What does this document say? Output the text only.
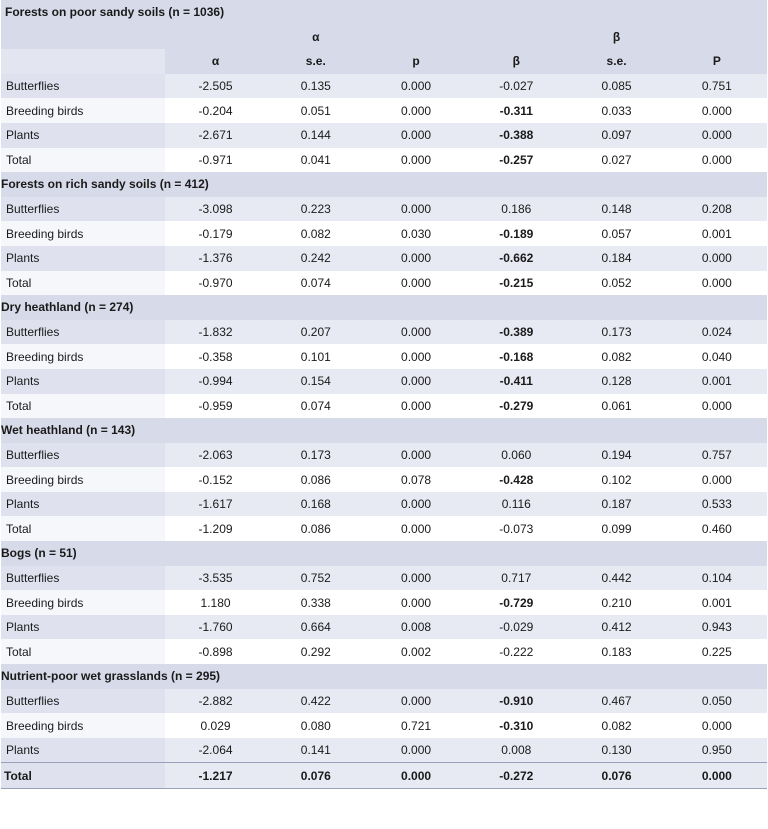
Forests on poor sandy soils (n = 1036)						
	α			β		
	α	s.e.	p	β	s.e.	P
Butterflies	-2.505	0.135	0.000	-0.027	0.085	0.751
Breeding birds	-0.204	0.051	0.000	-0.311	0.033	0.000
Plants	-2.671	0.144	0.000	-0.388	0.097	0.000
Total	-0.971	0.041	0.000	-0.257	0.027	0.000
Forests on rich sandy soils (n = 412)						
Butterflies	-3.098	0.223	0.000	0.186	0.148	0.208
Breeding birds	-0.179	0.082	0.030	-0.189	0.057	0.001
Plants	-1.376	0.242	0.000	-0.662	0.184	0.000
Total	-0.970	0.074	0.000	-0.215	0.052	0.000
Dry heathland (n = 274)						
Butterflies	-1.832	0.207	0.000	-0.389	0.173	0.024
Breeding birds	-0.358	0.101	0.000	-0.168	0.082	0.040
Plants	-0.994	0.154	0.000	-0.411	0.128	0.001
Total	-0.959	0.074	0.000	-0.279	0.061	0.000
Wet heathland (n = 143)						
Butterflies	-2.063	0.173	0.000	0.060	0.194	0.757
Breeding birds	-0.152	0.086	0.078	-0.428	0.102	0.000
Plants	-1.617	0.168	0.000	0.116	0.187	0.533
Total	-1.209	0.086	0.000	-0.073	0.099	0.460
Bogs (n = 51)						
Butterflies	-3.535	0.752	0.000	0.717	0.442	0.104
Breeding birds	1.180	0.338	0.000	-0.729	0.210	0.001
Plants	-1.760	0.664	0.008	-0.029	0.412	0.943
Total	-0.898	0.292	0.002	-0.222	0.183	0.225
Nutrient-poor wet grasslands (n = 295)						
Butterflies	-2.882	0.422	0.000	-0.910	0.467	0.050
Breeding birds	0.029	0.080	0.721	-0.310	0.082	0.000
Plants	-2.064	0.141	0.000	0.008	0.130	0.950
Total	-1.217	0.076	0.000	-0.272	0.076	0.000
